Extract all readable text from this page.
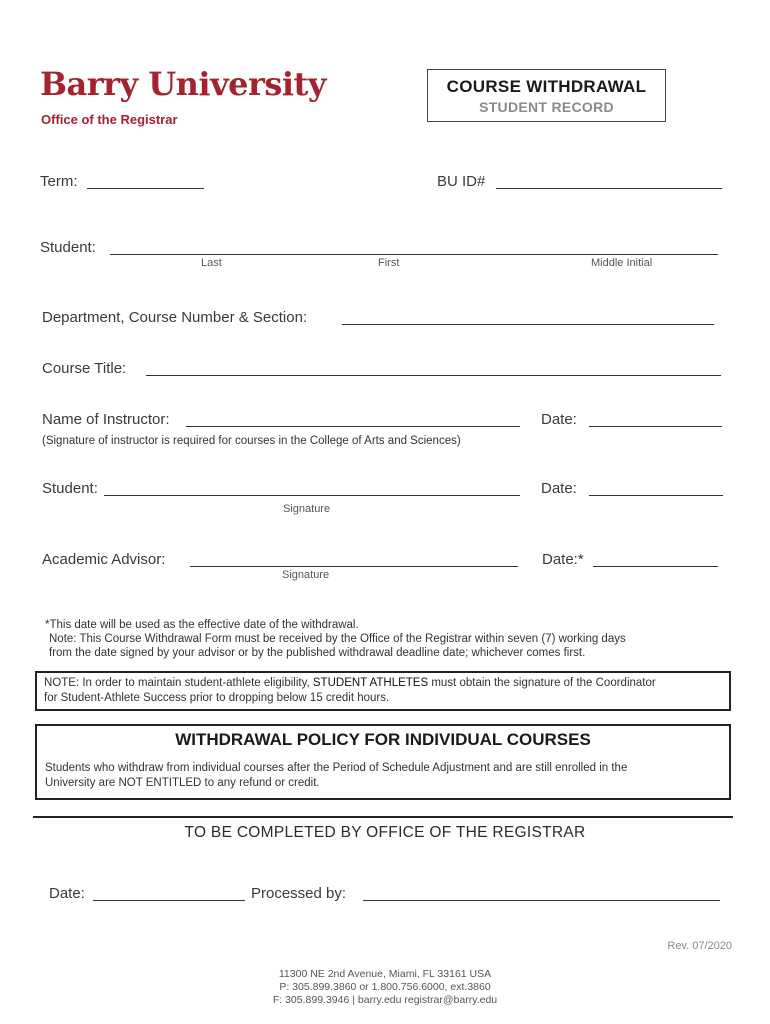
Barry University
Office of the Registrar
COURSE WITHDRAWAL
STUDENT RECORD
Term:	BU ID#
Student:
Last	First	Middle Initial
Department, Course Number & Section:
Course Title:
Name of Instructor:	Date:
(Signature of instructor is required for courses in the College of Arts and Sciences)
Student:	Date:
Signature
Academic Advisor:	Date:*
Signature
*This date will be used as the effective date of the withdrawal.
Note: This Course Withdrawal Form must be received by the Office of the Registrar within seven (7) working days
from the date signed by your advisor or by the published withdrawal deadline date; whichever comes first.
NOTE: In order to maintain student-athlete eligibility, STUDENT ATHLETES must obtain the signature of the Coordinator
for Student-Athlete Success prior to dropping below 15 credit hours.
WITHDRAWAL POLICY FOR INDIVIDUAL COURSES
Students who withdraw from individual courses after the Period of Schedule Adjustment and are still enrolled in the
University are NOT ENTITLED to any refund or credit.
TO BE COMPLETED BY OFFICE OF THE REGISTRAR
Date:	Processed by:
Rev. 07/2020
11300 NE 2nd Avenue, Miami, FL 33161 USA
P: 305.899.3860 or 1.800.756.6000, ext.3860
F: 305.899.3946 | barry.edu registrar@barry.edu
